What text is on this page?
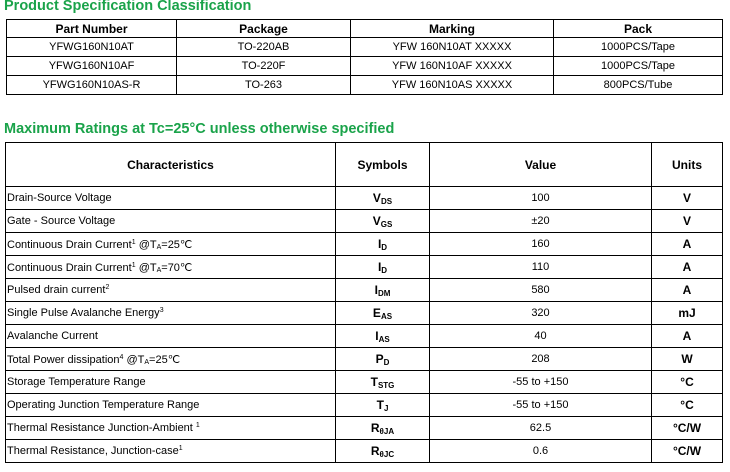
Product Specification Classification
Part Number	Package	Marking	Pack
YFWG160N10AT	TO-220AB	YFW 160N10AT XXXXX	1000PCS/Tape
YFWG160N10AF	TO-220F	YFW 160N10AF XXXXX	1000PCS/Tape
YFWG160N10AS-R	TO-263	YFW 160N10AS XXXXX	800PCS/Tube
Maximum Ratings at Tc=25°C unless otherwise specified
Characteristics	Symbols	Value	Units
Drain-Source Voltage	$V_{DS}$	100	V
Gate - Source Voltage	$V_{GS}$	±20	V
Continuous Drain Current$^1$ $@T_A=25℃$	$I_D$	160	A
Continuous Drain Current$^1$ $@T_A=70℃$	$I_D$	110	A
Pulsed drain current$^2$	$I_{DM}$	580	A
Single Pulse Avalanche Energy$^3$	$E_{AS}$	320	mJ
Avalanche Current	$I_{AS}$	40	A
Total Power dissipation$^4$ $@T_A=25℃$	$P_D$	208	W
Storage Temperature Range	$T_{STG}$	-55 to +150	°C
Operating Junction Temperature Range	$T_J$	-55 to +150	°C
Thermal Resistance Junction-Ambient $^1$	$R_{\theta JA}$	62.5	°C/W
Thermal Resistance, Junction-case$^1$	$R_{\theta JC}$	0.6	°C/W
